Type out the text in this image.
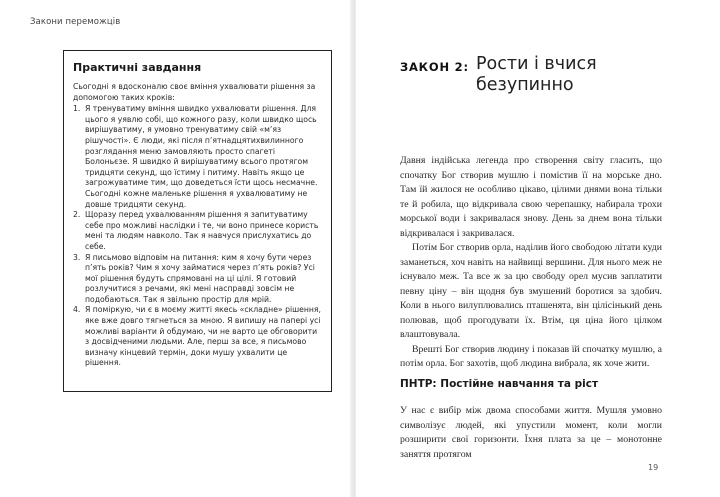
Закони переможців
Практичні завдання
Сьогодні я вдосконалю своє вміння ухвалювати рішення за допомогою таких кроків:
1. Я тренуватиму вміння швидко ухвалювати рішення. Для цього я уявлю собі, що кожного разу, коли швидко щось вирішуватиму, я умовно тренуватиму свій «м’яз рішучості». Є люди, які після п’ятнадцятихвилинного розглядання меню замовляють просто спагеті Болоньєзе. Я швидко й вирішуватиму всього протягом тридцяти секунд, що їстиму і питиму. Навіть якщо це загрожуватиме тим, що доведеться їсти щось несмачне. Сьогодні кожне маленьке рішення я ухвалюватиму не довше тридцяти секунд.
2. Щоразу перед ухвалюванням рішення я запитуватиму себе про можливі наслідки і те, чи воно принесе користь мені та людям навколо. Так я навчуся прислухатись до себе.
3. Я письмово відповім на питання: ким я хочу бути через п’ять років? Чим я хочу займатися через п’ять років? Усі мої рішення будуть спрямовані на ці цілі. Я готовий розлучитися з речами, які мені насправді зовсім не подобаються. Так я звільню простір для мрій.
4. Я поміркую, чи є в моєму житті якесь «складне» рішення, яке вже довго тягнеться за мною. Я випишу на папері усі можливі варіанти й обдумаю, чи не варто це обговорити з досвідченими людьми. Але, перш за все, я письмово визначу кінцевий термін, доки мушу ухвалити це рішення.
ЗАКОН 2: Рости і вчися безупинно

Давня індійська легенда про створення світу гласить, що спочатку Бог створив мушлю і помістив її на морське дно. Там їй жилося не особливо цікаво, цілими днями вона тільки те й робила, що відкривала свою черепашку, набирала трохи морської води і закривалася знову. День за днем вона тільки відкривалася і закривалася.

Потім Бог створив орла, наділив його свободою літати куди заманеться, хоч навіть на найвищі вершини. Для нього меж не існувало меж. Та все ж за цю свободу орел мусив заплатити певну ціну – він щодня був змушений боротися за здобич. Коли в нього вилуплювались пташенята, він цілісінький день полював, щоб прогодувати їх. Втім, ця ціна його цілком влаштовувала.

Врешті Бог створив людину і показав їй спочатку мушлю, а потім орла. Бог захотів, щоб людина вибрала, як хоче жити.

ПНТР: Постійне навчання та ріст

У нас є вибір між двома способами життя. Мушля умовно символізує людей, які упустили момент, коли могли розширити свої горизонти. Їхня плата за це – монотонне заняття протягом

19
